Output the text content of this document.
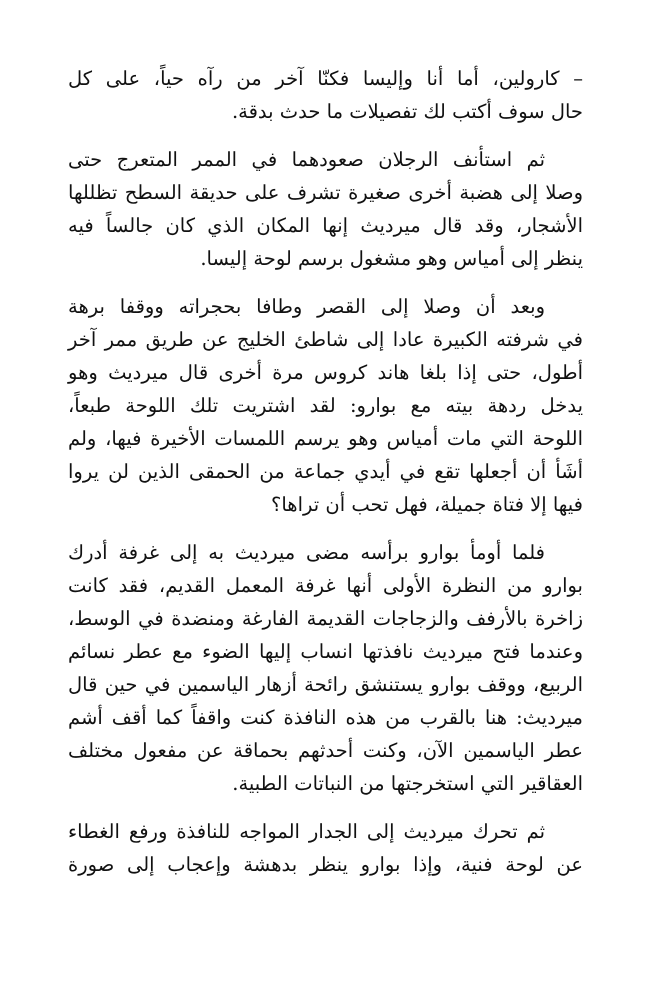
– كارولين، أما أنا وإليسا فكنّا آخر من رآه حياً، على كل
حال سوف أكتب لك تفصيلات ما حدث بدقة.

ثم استأنف الرجلان صعودهما في الممر المتعرج حتى
وصلا إلى هضبة أخرى صغيرة تشرف على حديقة السطح تظللها
الأشجار، وقد قال ميرديث إنها المكان الذي كان جالساً فيه
ينظر إلى أمياس وهو مشغول برسم لوحة إليسا.

وبعد أن وصلا إلى القصر وطافا بحجراته ووقفا برهة
في شرفته الكبيرة عادا إلى شاطئ الخليج عن طريق ممر آخر
أطول، حتى إذا بلغا هاند كروس مرة أخرى قال ميرديث وهو
يدخل ردهة بيته مع بوارو: لقد اشتريت تلك اللوحة طبعاً،
اللوحة التي مات أمياس وهو يرسم اللمسات الأخيرة فيها، ولم
أشَأ أن أجعلها تقع في أيدي جماعة من الحمقى الذين لن يروا
فيها إلا فتاة جميلة، فهل تحب أن تراها؟

فلما أومأ بوارو برأسه مضى ميرديث به إلى غرفة أدرك
بوارو من النظرة الأولى أنها غرفة المعمل القديم، فقد كانت
زاخرة بالأرفف والزجاجات القديمة الفارغة ومنضدة في الوسط،
وعندما فتح ميرديث نافذتها انساب إليها الضوء مع عطر نسائم
الربيع، ووقف بوارو يستنشق رائحة أزهار الياسمين في حين قال
ميرديث: هنا بالقرب من هذه النافذة كنت واقفاً كما أقف أشم
عطر الياسمين الآن، وكنت أحدثهم بحماقة عن مفعول مختلف
العقاقير التي استخرجتها من النباتات الطبية.

ثم تحرك ميرديث إلى الجدار المواجه للنافذة ورفع الغطاء
عن لوحة فنية، وإذا بوارو ينظر بدهشة وإعجاب إلى صورة
